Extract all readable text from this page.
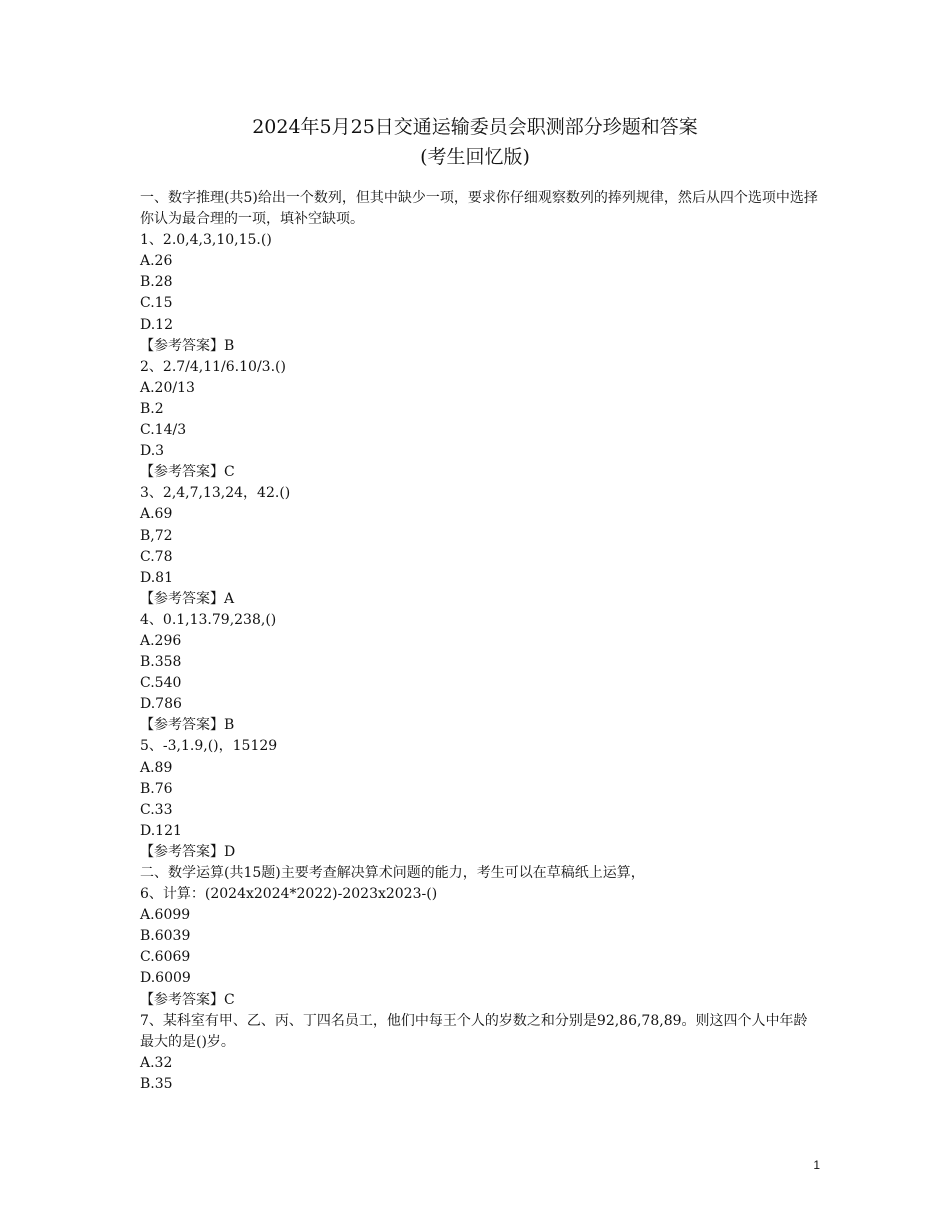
2024年5月25日交通运输委员会职测部分珍题和答案
(考生回忆版)
一、数字推理(共5)给出一个数列，但其中缺少一项，要求你仔细观察数列的捧列规律，然后从四个选项中选择你认为最合理的一项，填补空缺项。
1、2.0,4,3,10,15.()
A.26
B.28
C.15
D.12
【参考答案】B
2、2.7/4,11/6.10/3.()
A.20/13
B.2
C.14/3
D.3
【参考答案】C
3、2,4,7,13,24，42.()
A.69
B,72
C.78
D.81
【参考答案】A
4、0.1,13.79,238,()
A.296
B.358
C.540
D.786
【参考答案】B
5、-3,1.9,()，15129
A.89
B.76
C.33
D.121
【参考答案】D
二、数学运算(共15题)主要考查解决算术问题的能力，考生可以在草稿纸上运算，
6、计算：(2024x2024*2022)-2023x2023-()
A.6099
B.6039
C.6069
D.6009
【参考答案】C
7、某科室有甲、乙、丙、丁四名员工，他们中每王个人的岁数之和分别是92,86,78,89。则这四个人中年龄最大的是()岁。
A.32
B.35
1
